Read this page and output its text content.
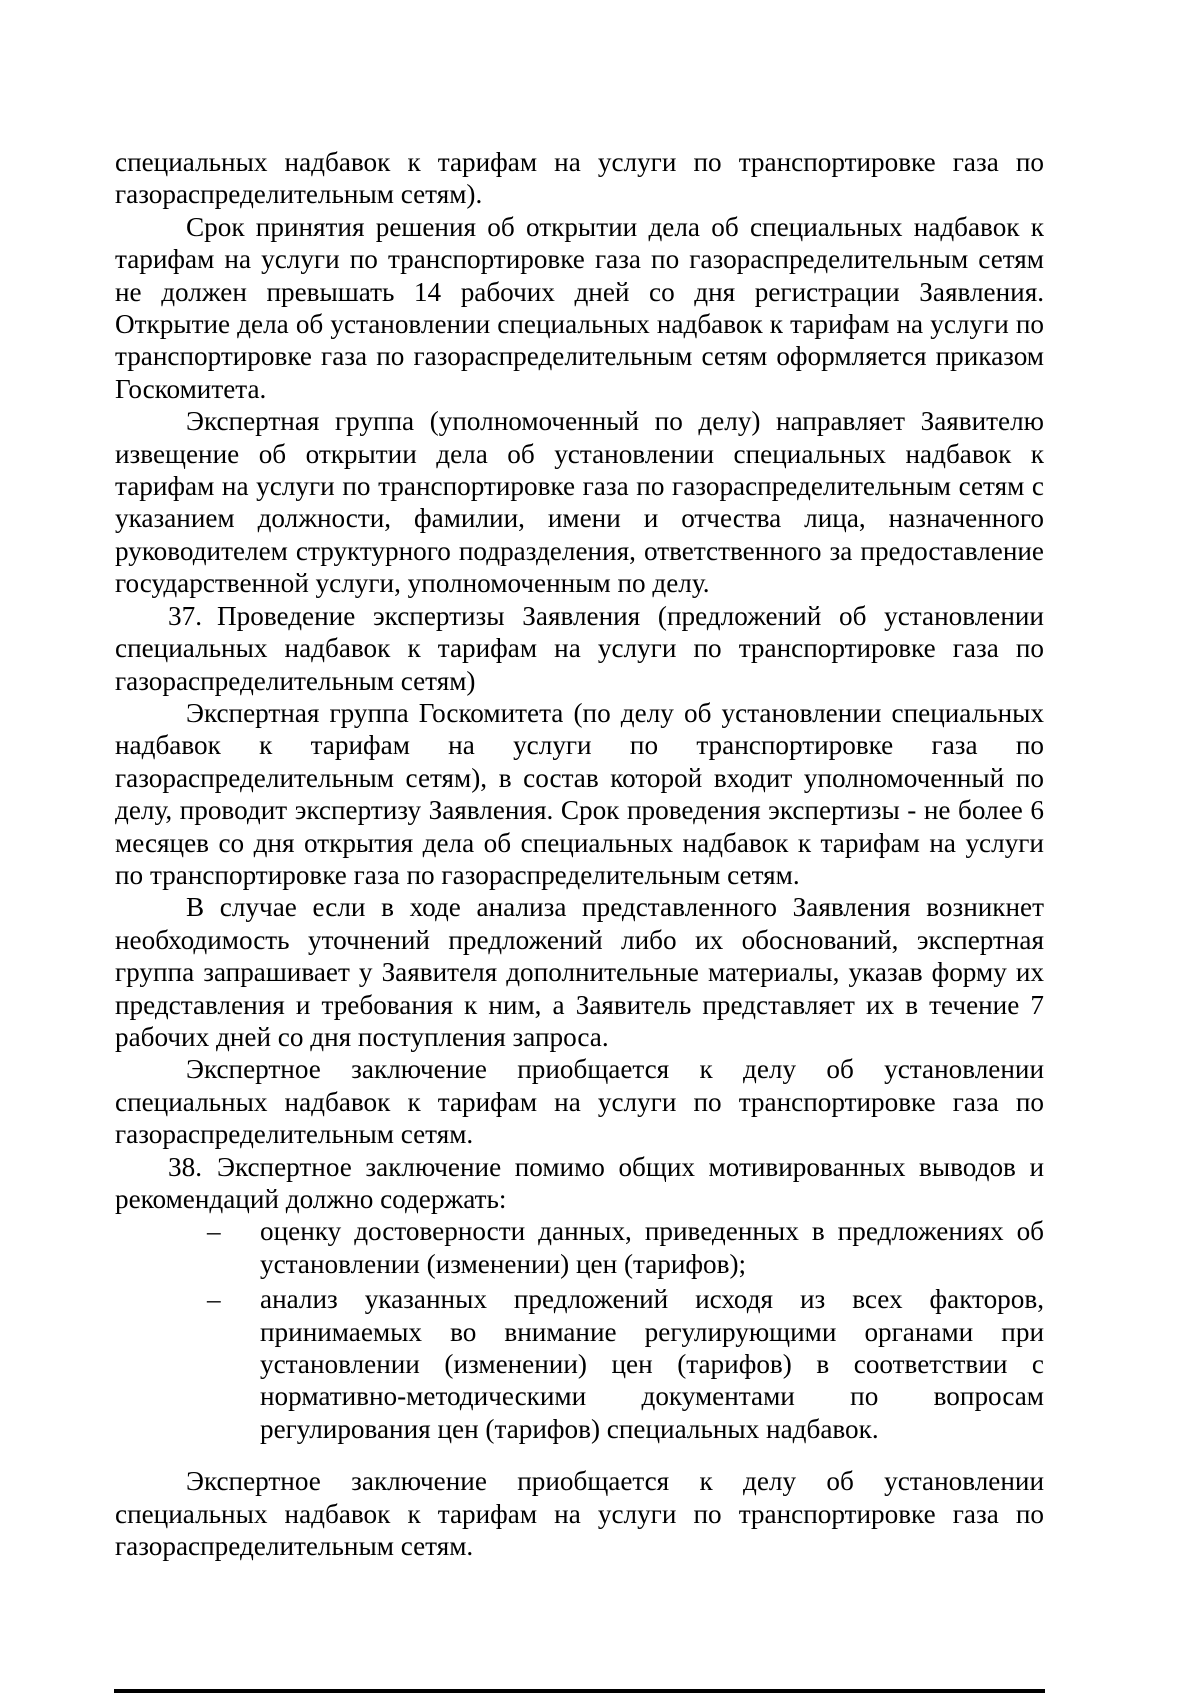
специальных надбавок к тарифам на услуги по транспортировке газа по газораспределительным сетям).

Срок принятия решения об открытии дела об специальных надбавок к тарифам на услуги по транспортировке газа по газораспределительным сетям не должен превышать 14 рабочих дней со дня регистрации Заявления. Открытие дела об установлении специальных надбавок к тарифам на услуги по транспортировке газа по газораспределительным сетям оформляется приказом Госкомитета.

Экспертная группа (уполномоченный по делу) направляет Заявителю извещение об открытии дела об установлении специальных надбавок к тарифам на услуги по транспортировке газа по газораспределительным сетям с указанием должности, фамилии, имени и отчества лица, назначенного руководителем структурного подразделения, ответственного за предоставление государственной услуги, уполномоченным по делу.

37. Проведение экспертизы Заявления (предложений об установлении специальных надбавок к тарифам на услуги по транспортировке газа по газораспределительным сетям)

Экспертная группа Госкомитета (по делу об установлении специальных надбавок к тарифам на услуги по транспортировке газа по газораспределительным сетям), в состав которой входит уполномоченный по делу, проводит экспертизу Заявления. Срок проведения экспертизы - не более 6 месяцев со дня открытия дела об специальных надбавок к тарифам на услуги по транспортировке газа по газораспределительным сетям.

В случае если в ходе анализа представленного Заявления возникнет необходимость уточнений предложений либо их обоснований, экспертная группа запрашивает у Заявителя дополнительные материалы, указав форму их представления и требования к ним, а Заявитель представляет их в течение 7 рабочих дней со дня поступления запроса.

Экспертное заключение приобщается к делу об установлении специальных надбавок к тарифам на услуги по транспортировке газа по газораспределительным сетям.

38. Экспертное заключение помимо общих мотивированных выводов и рекомендаций должно содержать:

– оценку достоверности данных, приведенных в предложениях об установлении (изменении) цен (тарифов);
– анализ указанных предложений исходя из всех факторов, принимаемых во внимание регулирующими органами при установлении (изменении) цен (тарифов) в соответствии с нормативно-методическими документами по вопросам регулирования цен (тарифов) специальных надбавок.

Экспертное заключение приобщается к делу об установлении специальных надбавок к тарифам на услуги по транспортировке газа по газораспределительным сетям.
